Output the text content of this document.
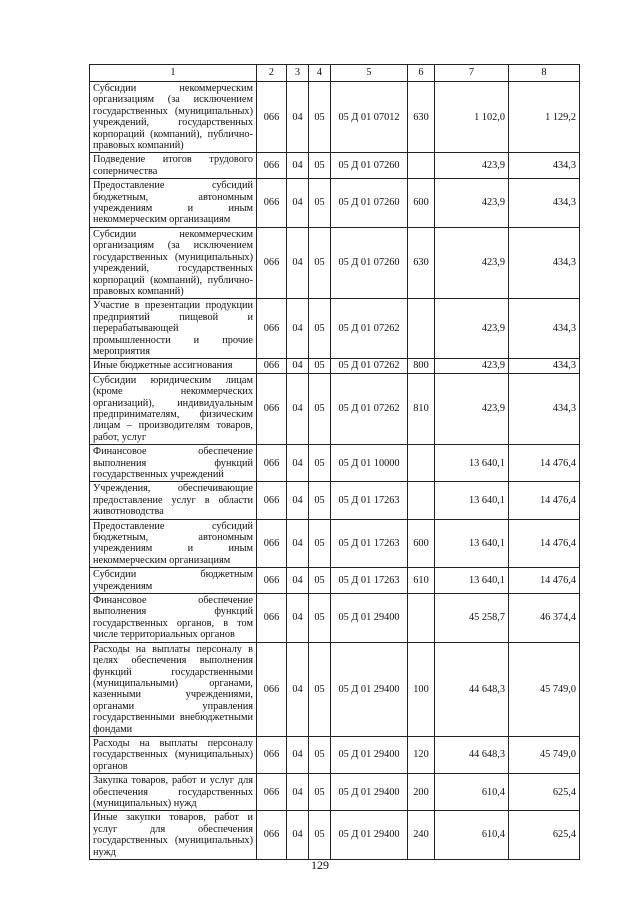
1	2	3	4	5	6	7	8
Субсидии некоммерческим организациям (за исключением государственных (муниципальных) учреждений, государственных корпораций (компаний), публично-правовых компаний)	066	04	05	05 Д 01 07012	630	1 102,0	1 129,2
Подведение итогов трудового соперничества	066	04	05	05 Д 01 07260		423,9	434,3
Предоставление субсидий бюджетным, автономным учреждениям и иным некоммерческим организациям	066	04	05	05 Д 01 07260	600	423,9	434,3
Субсидии некоммерческим организациям (за исключением государственных (муниципальных) учреждений, государственных корпораций (компаний), публично-правовых компаний)	066	04	05	05 Д 01 07260	630	423,9	434,3
Участие в презентации продукции предприятий пищевой и перерабатывающей промышленности и прочие мероприятия	066	04	05	05 Д 01 07262		423,9	434,3
Иные бюджетные ассигнования	066	04	05	05 Д 01 07262	800	423,9	434,3
Субсидии юридическим лицам (кроме некоммерческих организаций), индивидуальным предпринимателям, физическим лицам – производителям товаров, работ, услуг	066	04	05	05 Д 01 07262	810	423,9	434,3
Финансовое обеспечение выполнения функций государственных учреждений	066	04	05	05 Д 01 10000		13 640,1	14 476,4
Учреждения, обеспечивающие предоставление услуг в области животноводства	066	04	05	05 Д 01 17263		13 640,1	14 476,4
Предоставление субсидий бюджетным, автономным учреждениям и иным некоммерческим организациям	066	04	05	05 Д 01 17263	600	13 640,1	14 476,4
Субсидии бюджетным учреждениям	066	04	05	05 Д 01 17263	610	13 640,1	14 476,4
Финансовое обеспечение выполнения функций государственных органов, в том числе территориальных органов	066	04	05	05 Д 01 29400		45 258,7	46 374,4
Расходы на выплаты персоналу в целях обеспечения выполнения функций государственными (муниципальными) органами, казенными учреждениями, органами управления государственными внебюджетными фондами	066	04	05	05 Д 01 29400	100	44 648,3	45 749,0
Расходы на выплаты персоналу государственных (муниципальных) органов	066	04	05	05 Д 01 29400	120	44 648,3	45 749,0
Закупка товаров, работ и услуг для обеспечения государственных (муниципальных) нужд	066	04	05	05 Д 01 29400	200	610,4	625,4
Иные закупки товаров, работ и услуг для обеспечения государственных (муниципальных) нужд	066	04	05	05 Д 01 29400	240	610,4	625,4
129
